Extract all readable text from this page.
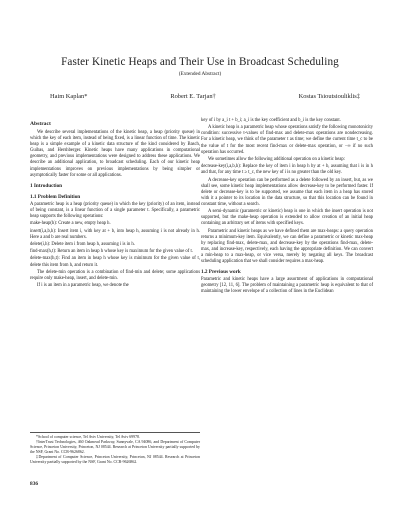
Faster Kinetic Heaps and Their Use in Broadcast Scheduling
(Extended Abstract)
Haim Kaplan*	Robert E. Tarjan†	Kostas Tsioutsiouliklis‡
Abstract

We describe several implementations of the kinetic heap, a heap (priority queue) in which the key of each item, instead of being fixed, is a linear function of time. The kinetic heap is a simple example of a kinetic data structure of the kind considered by Basch, Guibas, and Hershberger. Kinetic heaps have many applications in computational geometry, and previous implementations were designed to address these applications. We describe an additional application, to broadcast scheduling. Each of our kinetic heap implementations improves on previous implementations by being simpler or asymptotically faster for some or all applications.

1 Introduction
1.1 Problem Definition

A parametric heap is a heap (priority queue) in which the key (priority) of an item, instead of being constant, is a linear function of a single parameter t. Specifically, a parametric heap supports the following operations:

make-heap(h): Create a new, empty heap h.

insert(i,a,b,h): Insert item i, with key at + b, into heap h, assuming i is not already in h. Here a and b are real numbers.

delete(i,h): Delete item i from heap h, assuming i is in h.

find-max(h,t): Return an item in heap h whose key is maximum for the given value of t.

delete-max(h,t): Find an item in heap h whose key is minimum for the given value of t, delete this item from h, and return it.

The delete-min operation is a combination of find-min and delete; some applications require only make-heap, insert, and delete-min.

If i is an item in a parametric heap, we denote the

*School of computer science, Tel Aviv University, Tel Aviv 69978.

†InterTrust Technologies, 460 Oakmead Parkway, Sunnyvale, CA 94086, and Department of Computer Science, Princeton University, Princeton, NJ 08544. Research at Princeton University partially supported by the NSF, Grant No. CCR-9626862.

‡Department of Computer Science, Princeton University, Princeton, NJ 08544. Research at Princeton University partially supported by the NSF, Grant No. CCR-9626862.

836

key of i by a_i t + b_i; a_i is the key coefficient and b_i is the key constant.

A kinetic heap is a parametric heap whose operations satisfy the following monotonicity condition: successive t-values of find-max and delete-max operations are nondecreasing. For a kinetic heap, we think of the parameter t as time; we define the current time t_c to be the value of t for the most recent find-max or delete-max operation, or −∞ if no such operation has occurred.

We sometimes allow the following additional operation on a kinetic heap:

decrease-key(i,a,b,h): Replace the key of item i in heap h by at + b, assuming that i is in h and that, for any time t ≥ t_c, the new key of i is no greater than the old key.

A decrease-key operation can be performed as a delete followed by an insert, but, as we shall see, some kinetic heap implementations allow decrease-key to be performed faster. If delete or decrease-key is to be supported, we assume that each item in a heap has stored with it a pointer to its location in the data structure, so that this location can be found in constant time, without a search.

A semi-dynamic (parametric or kinetic) heap is one in which the insert operation is not supported, but the make-heap operation is extended to allow creation of an initial heap containing an arbitrary set of items with specified keys.

Parametric and kinetic heaps as we have defined them are max-heaps: a query operation returns a minimum-key item. Equivalently, we can define a parametric or kinetic max-heap by replacing find-max, delete-max, and decrease-key by the operations find-max, delete-max, and increase-key, respectively, each having the appropriate definition. We can convert a min-heap to a max-heap, or vice versa, merely by negating all keys. The broadcast scheduling application that we shall consider requires a max-heap.

1.2 Previous work

Parametric and kinetic heaps have a large assortment of applications in computational geometry [12, 11, 6]. The problem of maintaining a parametric heap is equivalent to that of maintaining the lower envelope of a collection of lines in the Euclidean
